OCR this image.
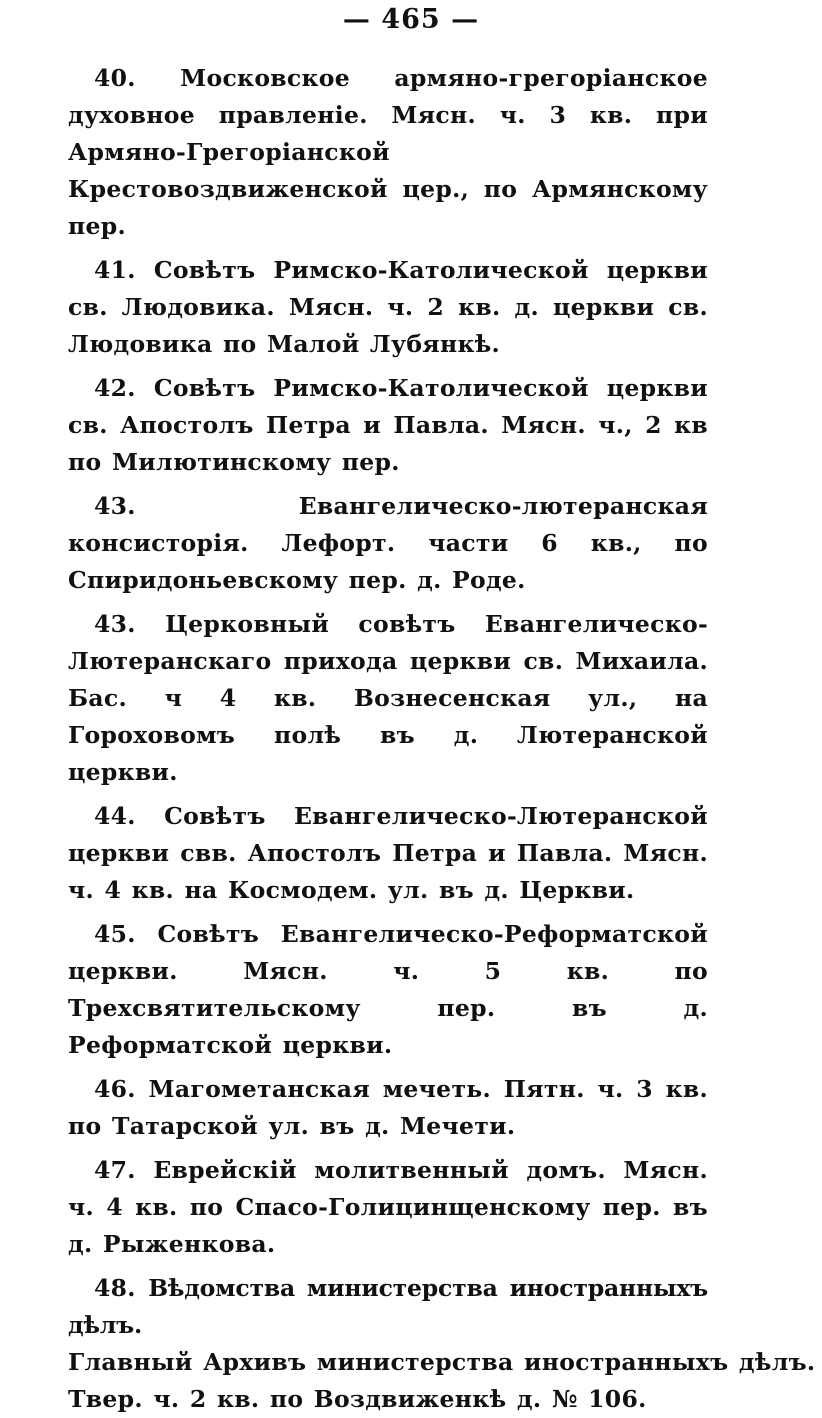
— 465 —

40. Московское армяно-грегоріанское духовное правленіе. Мясн. ч. 3 кв. при Армяно-Грегоріанской Крестовоздвиженской цер., по Армянскому пер.

41. Совѣтъ Римско-Католической церкви св. Людовика. Мясн. ч. 2 кв. д. церкви св. Людовика по Малой Лубянкѣ.

42. Совѣтъ Римско-Католической церкви св. Апостолъ Петра и Павла. Мясн. ч., 2 кв по Милютинскому пер.

43.	Евангелическо-лютеранская консисторія. Лефорт. части 6 кв., по Спиридоньевскому пер. д. Роде.

43. Церковный совѣтъ Евангелическо-Лютеранскаго прихода церкви св. Михаила. Бас. ч 4 кв. Вознесенская ул., на Гороховомъ полѣ въ д. Лютеранской церкви.

44. Совѣтъ Евангелическо-Лютеранской церкви свв. Апостолъ Петра и Павла. Мясн. ч. 4 кв. на Космодем. ул. въ д. Церкви.

45. Совѣтъ Евангелическо-Реформатской церкви. Мясн. ч. 5 кв. по Трехсвятительскому пер. въ д. Реформатской церкви.

46. Магометанская мечеть. Пятн. ч. 3 кв. по Татарской ул. въ д. Мечети.

47. Еврейскій молитвенный домъ. Мясн. ч. 4 кв. по Спасо-Голицинщенскому пер. въ д. Рыженкова.

48. Вѣдомства министерства иностранныхъ дѣлъ.

Главный Архивъ министерства иностранныхъ дѣлъ.

Твер. ч. 2 кв. по Воздвиженкѣ д. № 106.
